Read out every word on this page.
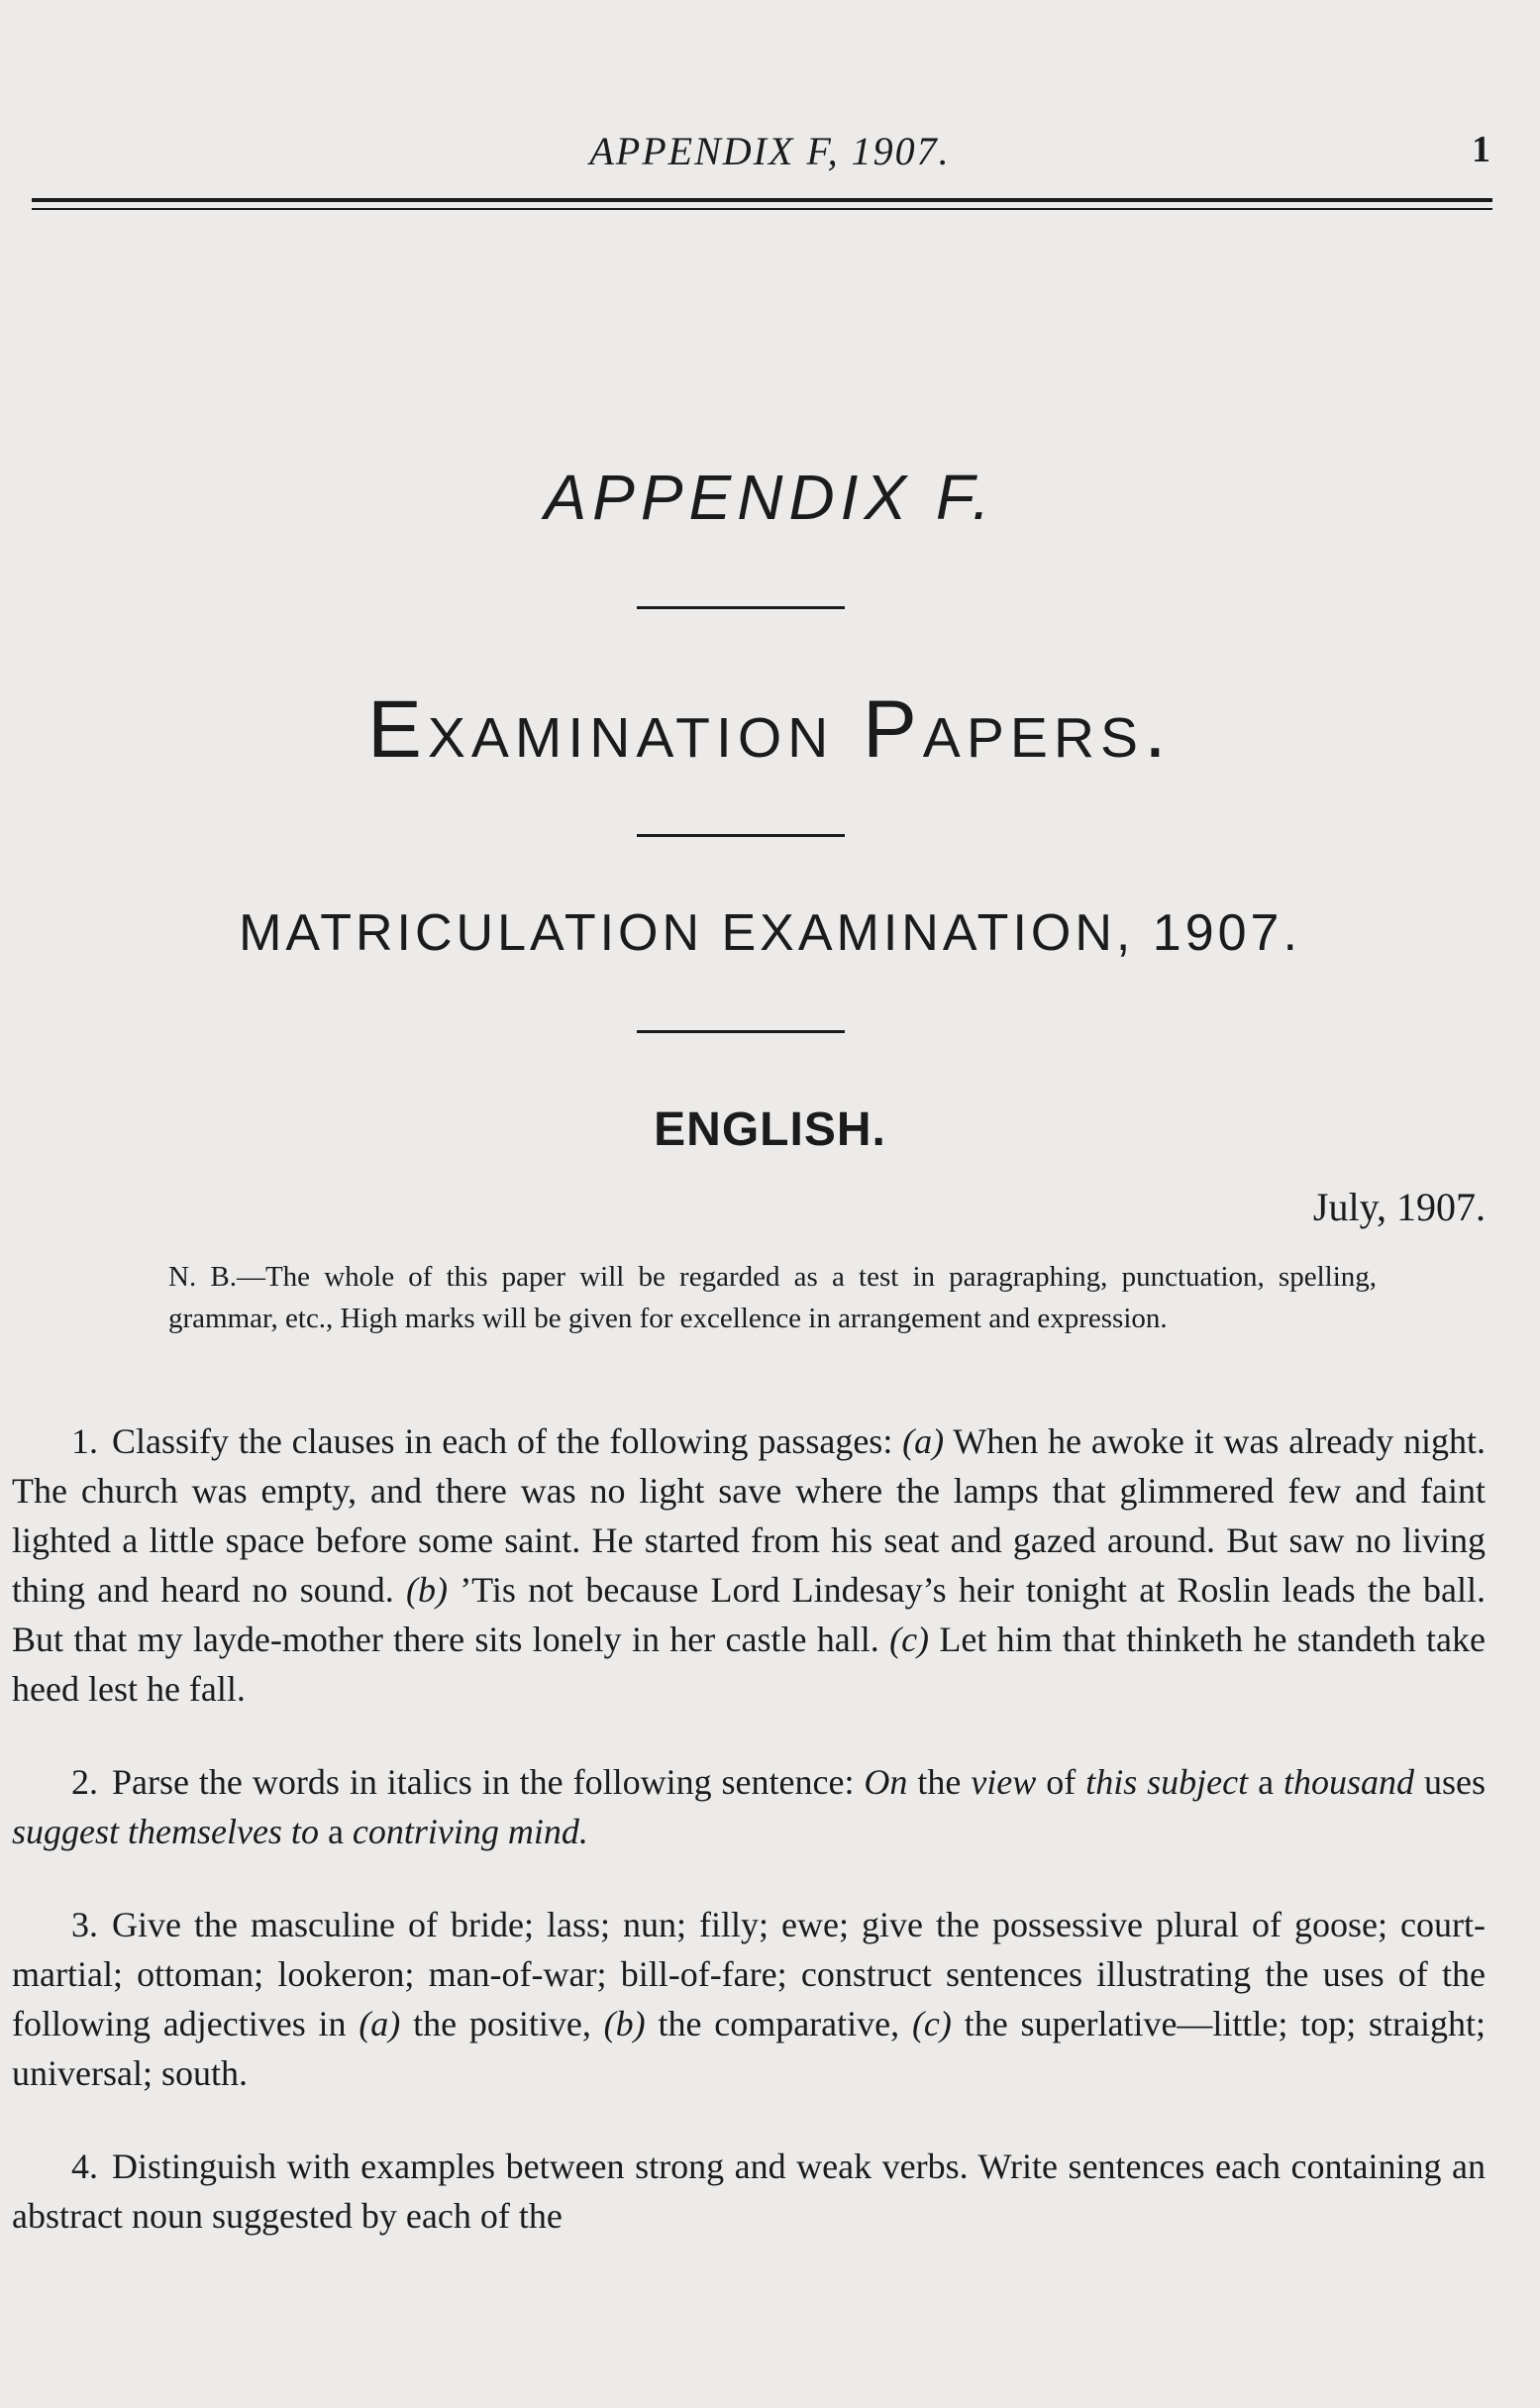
APPENDIX F, 1907.	1
APPENDIX F.
Examination Papers.
MATRICULATION EXAMINATION, 1907.
ENGLISH.
July, 1907.
N. B.—The whole of this paper will be regarded as a test in paragraphing, punctuation, spelling, grammar, etc., High marks will be given for excellence in arrangement and expression.

1. Classify the clauses in each of the following passages: (a) When he awoke it was already night. The church was empty, and there was no light save where the lamps that glimmered few and faint lighted a little space before some saint. He started from his seat and gazed around. But saw no living thing and heard no sound. (b) ’Tis not because Lord Lindesay’s heir tonight at Roslin leads the ball. But that my layde-mother there sits lonely in her castle hall. (c) Let him that thinketh he standeth take heed lest he fall.

2. Parse the words in italics in the following sentence: On the view of this subject a thousand uses suggest themselves to a contriving mind.

3. Give the masculine of bride; lass; nun; filly; ewe; give the possessive plural of goose; court-martial; ottoman; lookeron; man-of-war; bill-of-fare; construct sentences illustrating the uses of the following adjectives in (a) the positive, (b) the comparative, (c) the superlative—little; top; straight; universal; south.

4. Distinguish with examples between strong and weak verbs. Write sentences each containing an abstract noun suggested by each of the
